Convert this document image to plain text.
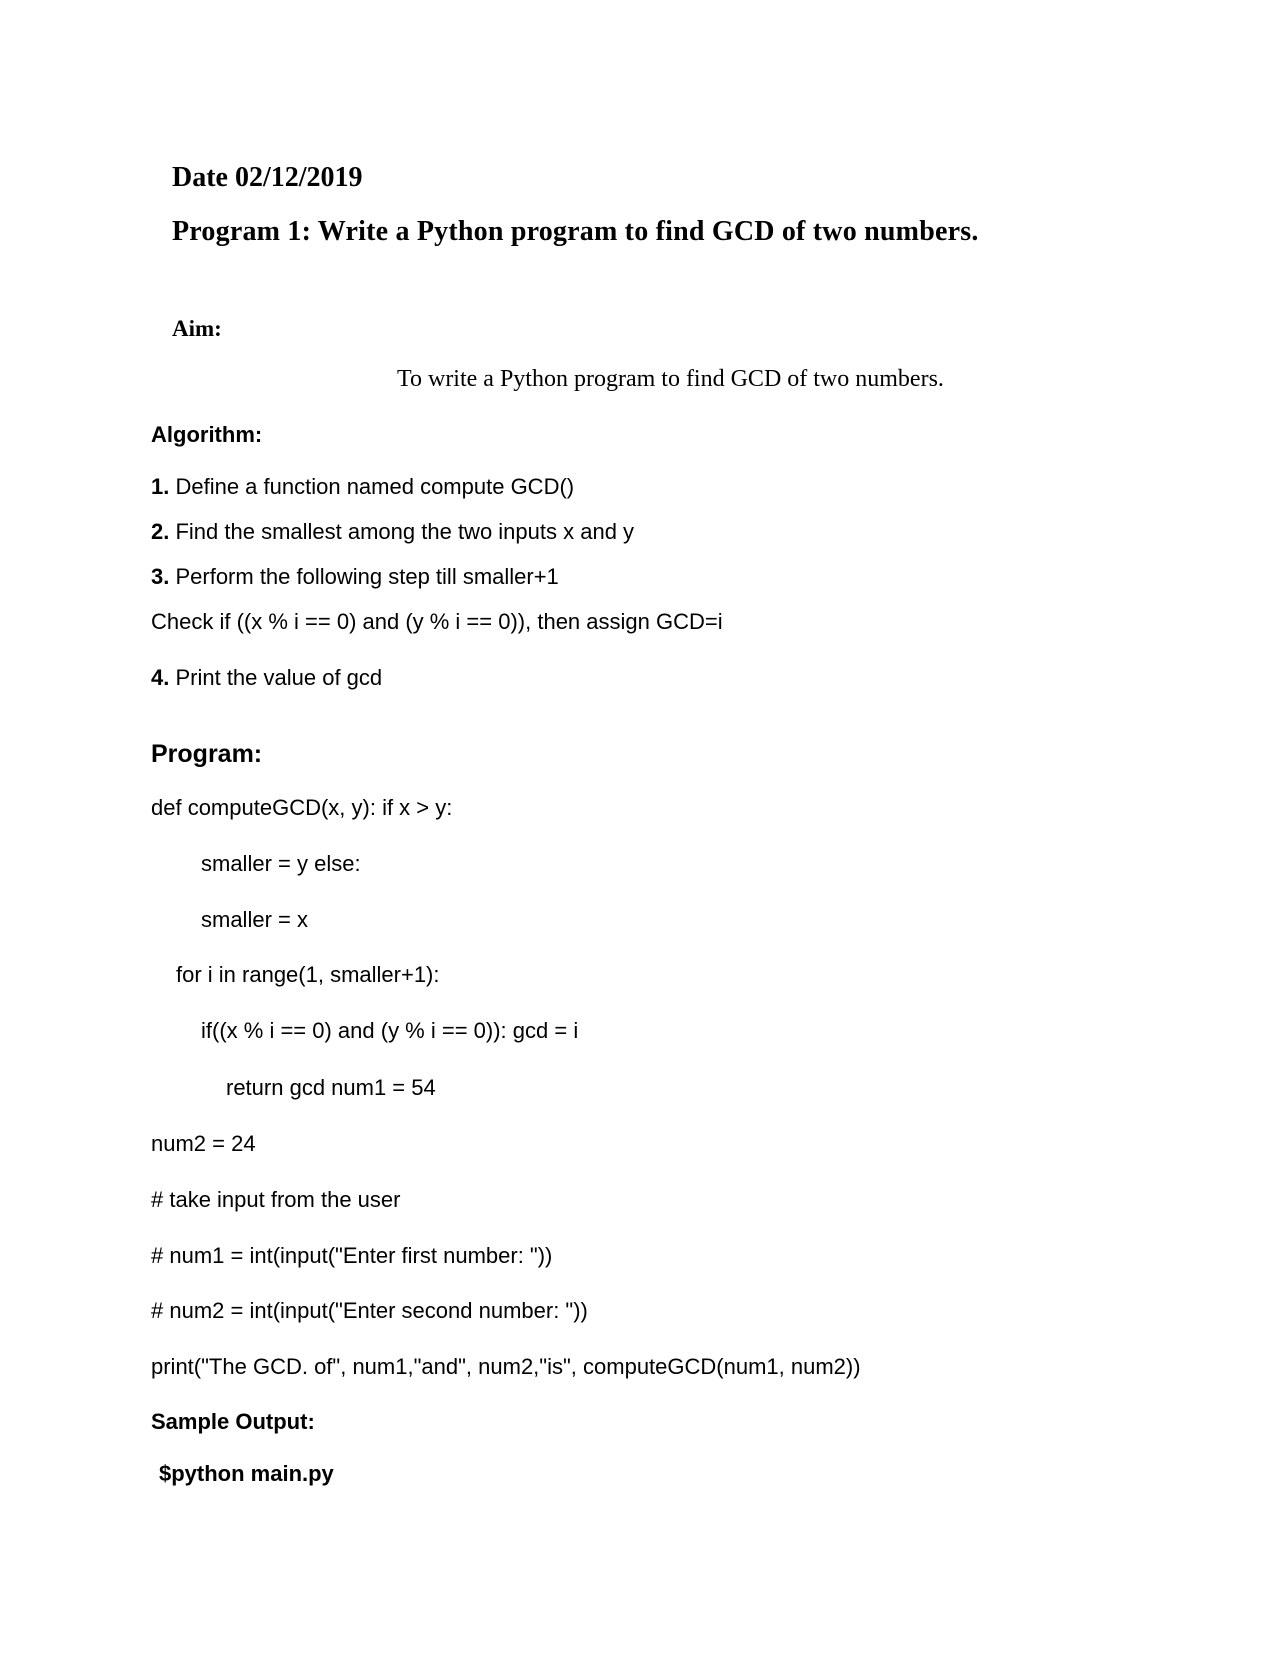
Date 02/12/2019
Program 1: Write a Python program to find GCD of two numbers.
Aim:
To write a Python program to find GCD of two numbers.
Algorithm:
1. Define a function named compute GCD()
2. Find the smallest among the two inputs x and y
3. Perform the following step till smaller+1
Check if ((x % i == 0) and (y % i == 0)), then assign GCD=i
4. Print the value of gcd
Program:
def computeGCD(x, y): if x > y:
smaller = y else:
smaller = x
for i in range(1, smaller+1):
if((x % i == 0) and (y % i == 0)): gcd = i
return gcd num1 = 54
num2 = 24
# take input from the user
# num1 = int(input("Enter first number: "))
# num2 = int(input("Enter second number: "))
print("The GCD. of", num1,"and", num2,"is", computeGCD(num1, num2))
Sample Output:
$python main.py
